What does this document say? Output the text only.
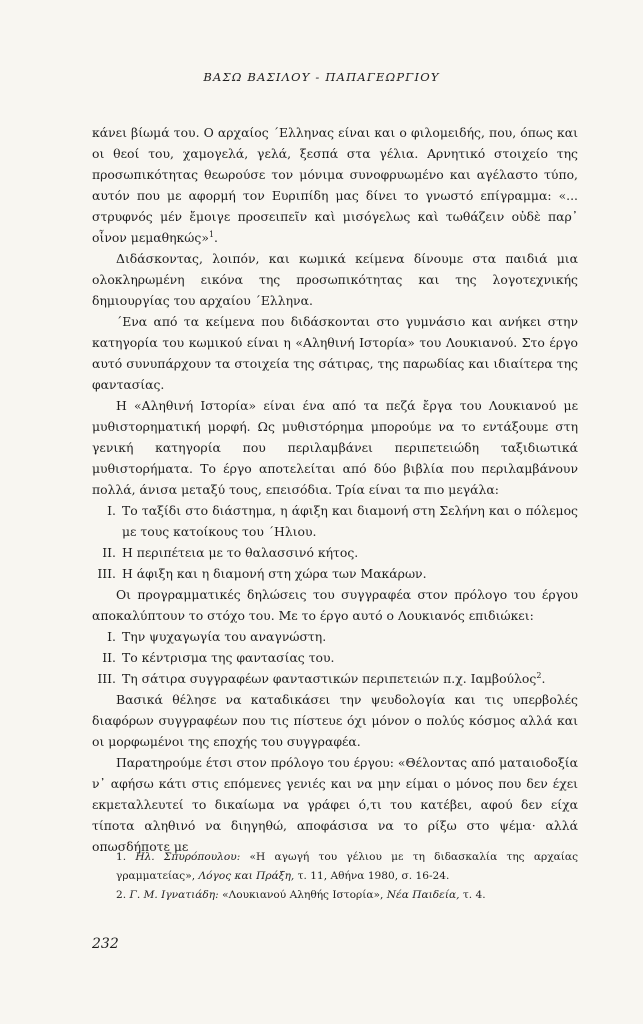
ΒΑΣΩ ΒΑΣΙΛΟΥ - ΠΑΠΑΓΕΩΡΓΙΟΥ

κάνει βίωμά του. Ο αρχαίος ΄Ελληνας είναι και ο φιλομειδής, που, όπως και οι θεοί του, χαμογελά, γελά, ξεσπά στα γέλια. Αρνητικό στοιχείο της προσωπικότητας θεωρούσε τον μόνιμα συνοφρυωμένο και αγέλαστο τύπο, αυτόν που με αφορμή τον Ευριπίδη μας δίνει το γνωστό επίγραμμα: «... στρυφνός μέν ἔμοιγε προσειπεῖν καὶ μισόγελως καὶ τωθάζειν οὐδὲ παρ᾽ οἶνον μεμαθηκώς»$^1$.

Διδάσκοντας, λοιπόν, και κωμικά κείμενα δίνουμε στα παιδιά μια ολοκληρωμένη εικόνα της προσωπικότητας και της λογοτεχνικής δημιουργίας του αρχαίου ΄Ελληνα.

΄Ενα από τα κείμενα που διδάσκονται στο γυμνάσιο και ανήκει στην κατηγορία του κωμικού είναι η «Αληθινή Ιστορία» του Λουκιανού. Στο έργο αυτό συνυπάρχουν τα στοιχεία της σάτιρας, της παρωδίας και ιδιαίτερα της φαντασίας.

Η «Αληθινή Ιστορία» είναι ένα από τα πεζά ἔργα του Λουκιανού με μυθιστορηματική μορφή. Ως μυθιστόρημα μπορούμε να το εντάξουμε στη γενική κατηγορία που περιλαμβάνει περιπετειώδη ταξιδιωτικά μυθιστορήματα. Το έργο αποτελείται από δύο βιβλία που περιλαμβάνουν πολλά, άνισα μεταξύ τους, επεισόδια. Τρία είναι τα πιο μεγάλα:

I. Το ταξίδι στο διάστημα, η άφιξη και διαμονή στη Σελήνη και ο πόλεμος με τους κατοίκους του ΄Ηλιου.
II. Η περιπέτεια με το θαλασσινό κήτος.
III. Η άφιξη και η διαμονή στη χώρα των Μακάρων.

Οι προγραμματικές δηλώσεις του συγγραφέα στον πρόλογο του έργου αποκαλύπτουν το στόχο του. Με το έργο αυτό ο Λουκιανός επιδιώκει:

I. Την ψυχαγωγία του αναγνώστη.
II. Το κέντρισμα της φαντασίας του.
III. Τη σάτιρα συγγραφέων φανταστικών περιπετειών π.χ. Ιαμβούλος$^2$.

Βασικά θέλησε να καταδικάσει την ψευδολογία και τις υπερβολές διαφόρων συγγραφέων που τις πίστευε όχι μόνον ο πολύς κόσμος αλλά και οι μορφωμένοι της εποχής του συγγραφέα.

Παρατηρούμε έτσι στον πρόλογο του έργου: «Θέλοντας από ματαιοδοξία ν᾽ αφήσω κάτι στις επόμενες γενιές και να μην είμαι ο μόνος που δεν έχει εκμεταλλευτεί το δικαίωμα να γράφει ό,τι του κατέβει, αφού δεν είχα τίποτα αληθινό να διηγηθώ, αποφάσισα να το ρίξω στο ψέμα· αλλά οπωσδήποτε με

1. Ηλ. Σπυρόπουλου: «Η αγωγή του γέλιου με τη διδασκαλία της αρχαίας γραμματείας», Λόγος και Πράξη, τ. 11, Αθήνα 1980, σ. 16-24.

2. Γ. Μ. Ιγνατιάδη: «Λουκιανού Αληθής Ιστορία», Νέα Παιδεία, τ. 4.

232
